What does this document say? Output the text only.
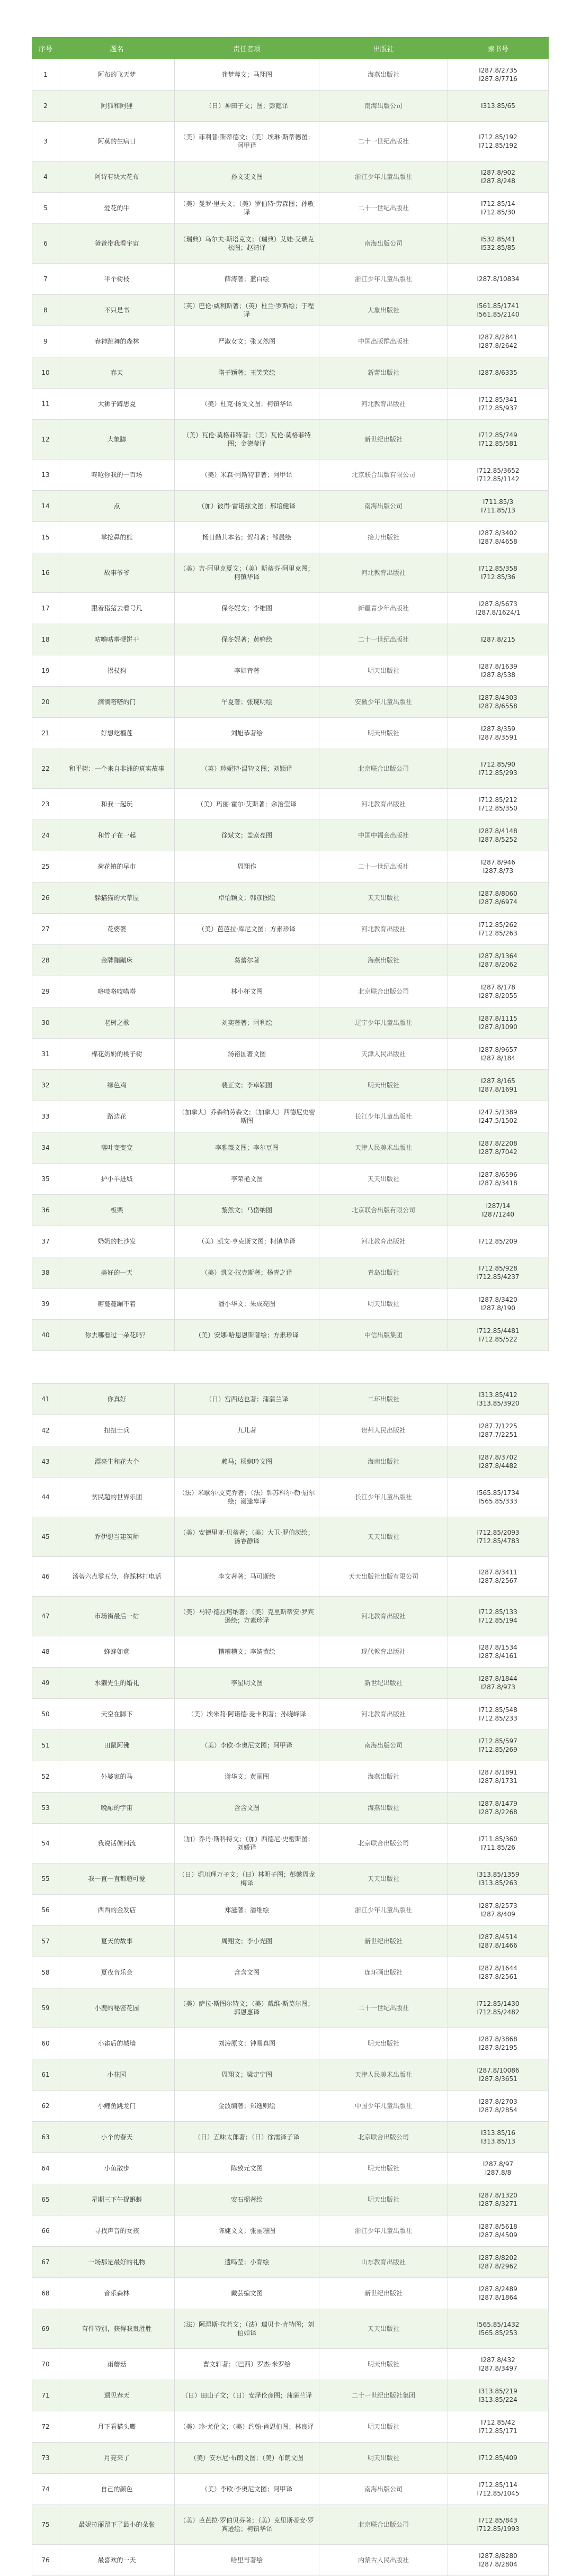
序号	题名	责任者项	出版社	索书号
1	阿布的飞天梦	龚梦蓉文；马翔图	海燕出版社	I287.8/2735
I287.8/7716

2	阿狐和阿狸	（日）神田子文；图；彭懿译	南海出版公司	I313.85/65

3	阿莫的生病日	（美）菲利普·斯蒂德文；（美）埃琳·斯蒂德图；阿甲译	二十一世纪出版社	I712.85/192
I712.85/192

4	阿诗有块大花布	孙文斐文图	浙江少年儿童出版社	I287.8/902
I287.8/248

5	爱花的牛	（美）曼罗·里夫文；（美）罗伯特·劳森图；孙敏译	二十一世纪出版社	I712.85/14
I712.85/30

6	爸爸带我看宇宙	（瑞典）乌尔夫·斯塔克文；（瑞典）艾娃·艾瑞克松图；赵清译	南海出版公司	I532.85/41
I532.85/85

7	半个树枝	薛涛著；蓝白绘	浙江少年儿童出版社	I287.8/10834

8	不只是书	（英）巴伦·威利斯著；（英）杜兰·罗斯绘；于程译	大象出版社	I561.85/1741
I561.85/2140

9	春神跳舞的森林	严淑女文；张又然图	中国出版群出版社	I287.8/2841
I287.8/2642

10	春天	隋子颖著；王笑笑绘	新蕾出版社	I287.8/6335

11	大狮子蹲思夏	（美）杜克·扬戈文图；柯镇华译	河北教育出版社	I712.85/341
I712.85/937

12	大象脚	（美）瓦伦·莫格菲特著；（美）瓦伦·莫格菲特图；金德莹译	新世纪出版社	I712.85/749
I712.85/581

13	咚呛你我的一百场	（美）米森·阿斯特菲著；阿甲译	北京联合出版有限公司	I712.85/3652
I712.85/1142

14	点	（加）彼得·雷诺兹文图；邢培健译	南海出版公司	I711.85/3
I711.85/13

15	掌挖鼻的熊	杨日勤其本名；贺莉著；邹晨绘	接力出版社	I287.8/3402
I287.8/4658

16	故事爷爷	（美）吉·阿里克夏文；（美）斯蒂芬·阿里克图；柯镇华译	河北教育出版社	I712.85/358
I712.85/36

17	跟着猪猪去看号凡	保冬妮文；李维图	新疆青少年出版社	I287.8/5673
I287.8/1624/1

18	咕噜咕噜硬饼干	保冬妮著；黄鸭绘	二十一世纪出版社	I287.8/215

19	拐杖狗	李如青著	明天出版社	I287.8/1639
I287.8/538

20	滴滴嗒嗒的门	午夏著；张琬明绘	安徽少年儿童出版社	I287.8/4303
I287.8/6558

21	好想吃榴莲	刘旭恭著绘	明天出版社	I287.8/359
I287.8/3591

22	和平树：一个来自非洲的真实故事	（英）珍妮特·温特文图；刘颖译	北京联合出版公司	I712.85/90
I712.85/293

23	和我一起玩	（美）玛丽·霍尔·艾斯著；余治莹译	河北教育出版社	I712.85/212
I712.85/350

24	和竹子在一起	徐斌文；盖索亮图	中国中福会出版社	I287.8/4148
I287.8/5252

25	荷花镇的早市	周翔作	二十一世纪出版社	I287.8/946
I287.8/73

26	躲猫猫的大草屋	卓怡颖文；韩彦图绘	天天出版社	I287.8/8060
I287.8/6974

27	花婆婆	（美）芭芭拉·库尼文图；方素珍译	河北教育出版社	I712.85/262
I712.85/263

28	金牌蹦蹦床	葛蕾尔著	海燕出版社	I287.8/1364
I287.8/2062

29	咯吱咯吱嗒嗒	林小杯文图	北京联合出版公司	I287.8/178
I287.8/2055

30	老树之歌	刘奕著著；阿利绘	辽宁少年儿童出版社	I287.8/1115
I287.8/1090

31	棉花奶奶的桃子树	汤裕国著文图	天津人民出版社	I287.8/9657
I287.8/184

32	绿色鸡	裴正文；李卓颖图	明天出版社	I287.8/165
I287.8/1691

33	路边花	（加拿大）乔森纳劳森文；（加拿大）西德尼史密斯图	长江少年儿童出版社	I247.5/1389
I247.5/1502

34	落叶变变变	李雅薇文图；李尔豆图	天津人民美术出版社	I287.8/2208
I287.8/7042

35	护小羊进城	李荣艳文图	天天出版社	I287.8/6596
I287.8/3418

36	板栗	黎然文；马岱纳图	北京联合出版有限公司	I287/14
I287/1240

37	奶奶的杜沙发	（美）凯文·亨克斯文图；柯镇华译	河北教育出版社	I712.85/209

38	美好的一天	（美）凯文·汉克斯著；杨青之译	青岛出版社	I712.85/928
I712.85/4237

39	糖蔓蔓蹦不着	潘小华文；朱成亮图	明天出版社	I287.8/3420
I287.8/190

40	你去哪看过一朵花吗？	（美）安娜·哈恩恩斯著绘；方素珍译	中信出版集团	I712.85/4481
I712.85/522

41	你真好	（日）宫西达也著；蒲蒲兰译	二环出版社	I313.85/412
I313.85/3920

42	扭扭士兵	九儿著	贵州人民出版社	I287.7/1225
I287.7/2251

43	漂亮生和花大个	赖马；杨娴玲文图	海南出版社	I287.8/3702
I287.8/4482

44	贫民超的世界乐团	（法）米歇尔·皮克乔著；（法）韩苏科尔·勒·屈尔绘；谢逢皋译	长江少年儿童出版社	I565.85/1734
I565.85/333

45	乔伊想当建筑师	（美）安德里亚·贝蒂著；（美）大卫·罗伯茨绘；汤睿静译	天天出版社	I712.85/2093
I712.85/4783

46	汤蒂六点零五分，你踩林打电话	李文著著；马可斯绘	天天出版社出版有限公司	I287.8/3411
I287.8/2567

47	市场街最后一站	（美）马特·德拉培纳著；（美）克里斯蒂安·罗宾逊绘；方素珍译	河北教育出版社	I712.85/133
I712.85/194

48	蜂蜂如意	糟糟糟文；李婧黄绘	现代教育出版社	I287.8/1534
I287.8/4161

49	水獭先生的婚礼	李星明文图	新世纪出版社	I287.8/1844
I287.8/973

50	天空在脚下	（美）埃米莉·阿诺德·麦卡利著；孙晓峰译	河北教育出版社	I712.85/548
I712.85/233

51	田鼠阿佛	（美）李欧·李奥尼文图；阿甲译	南海出版公司	I712.85/597
I712.85/269

52	外婆家的马	谢华文；黄丽图	海燕出版社	I287.8/1891
I287.8/1731

53	晚融的宇宙	含含文图	海燕出版社	I287.8/1479
I287.8/2268

54	我说话像河流	（加）乔丹·斯科特文；（加）西德尼·史密斯图；刘媛译	北京联合出版公司	I711.85/360
I711.85/26

55	我一直一直都超可爱	（日）堀川理万子文；（日）林明子图；彭懿周龙梅译	天天出版社	I313.85/1359
I313.85/263

56	西西的金发店	郑滋著；潘维绘	浙江少年儿童出版社	I287.8/2573
I287.8/409

57	夏天的故事	周翔文；李小光图	新世纪出版社	I287.8/4514
I287.8/1466

58	夏夜音乐会	含含文图	连环画出版社	I287.8/1644
I287.8/2561

59	小鹿的秘密花园	（美）萨拉·斯图尔特文；（美）戴维·斯莫尔图；郭恩惠译	二十一世纪出版社	I712.85/1430
I712.85/2482

60	小雀后的城墙	刘涛原文；钟易真图	明天出版社	I287.8/3868
I287.8/2195

61	小花园	周翔文；梁定宁图	天津人民美术出版社	I287.8/10086
I287.8/3651

62	小鲤鱼跳龙门	金波编著；郑逸则绘	中国少年儿童出版社	I287.8/2703
I287.8/2854

63	小个的春天	（日）五味太郎著；（日）徐濡泽子译	北京联合出版公司	I313.85/16
I313.85/13

64	小鱼散步	陈致元文图	明天出版社	I287.8/97
I287.8/8

65	星期三下午捉蝌蚪	安石榴著绘	明天出版社	I287.8/1320
I287.8/3271

66	寻找声音的女孩	陈婕文文；张丽珊图	浙江少年儿童出版社	I287.8/5618
I287.8/4509

67	一场那是最好的礼物	遗鸣莹；小育绘	山东教育出版社	I287.8/8202
I287.8/2962

68	音乐森林	戴芸编文图	新世纪出版社	I287.8/2489
I287.8/1864

69	有件特别，获得我贵胜胜	（法）阿涅斯·拉若文；（法）瑞贝卡·肯特图；刘伯如译	天天出版社	I565.85/1432
I565.85/253

70	雨蘑菇	曹文轩著；（巴西）罗杰·米罗绘	明天出版社	I287.8/432
I287.8/3497

71	遇见春天	（日）田山子文；（日）安泽伦彦图；蒲蒲兰译	二十一世纪出版社集团	I313.85/219
I313.85/224

72	月下看猫头鹰	（美）珍·尤伦文；（美）约翰·肖恩伯图；林良译	明天出版社	I712.85/42
I712.85/171

73	月亮来了	（美）安东尼·布朗文图；（美）布朗文图	明天出版社	I712.85/409

74	自己的颜色	（美）李欧·李奥尼文图；阿甲译	南海出版公司	I712.85/114
I712.85/1045

75	最妮拉丽留下了最小的朵张	（美）芭芭拉·罗伯贝芬著；（美）克里斯蒂安·罗宾逊绘；柯镇华译	北京联合出版公司	I712.85/843
I712.85/1993

76	最喜欢的一天	哈里哥著绘	内蒙古人民出版社	I287.8/8280
I287.8/2804
